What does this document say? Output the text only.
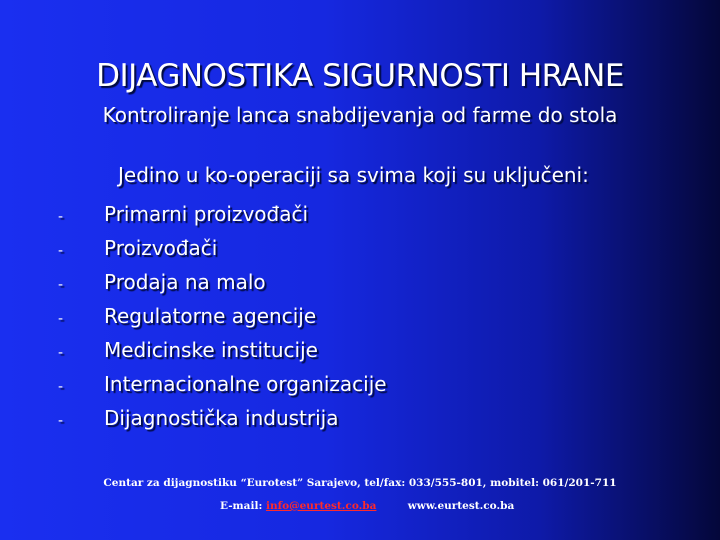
DIJAGNOSTIKA SIGURNOSTI HRANE
Kontroliranje lanca snabdijevanja od farme do stola
Jedino u ko-operaciji sa svima koji su uključeni:
- Primarni proizvođači
- Proizvođači
- Prodaja na malo
- Regulatorne agencije
- Medicinske institucije
- Internacionalne organizacije
- Dijagnostička industrija
Centar za dijagnostiku “Eurotest” Sarajevo, tel/fax: 033/555-801, mobitel: 061/201-711
E-mail: info@eurtest.co.ba	www.eurtest.co.ba
